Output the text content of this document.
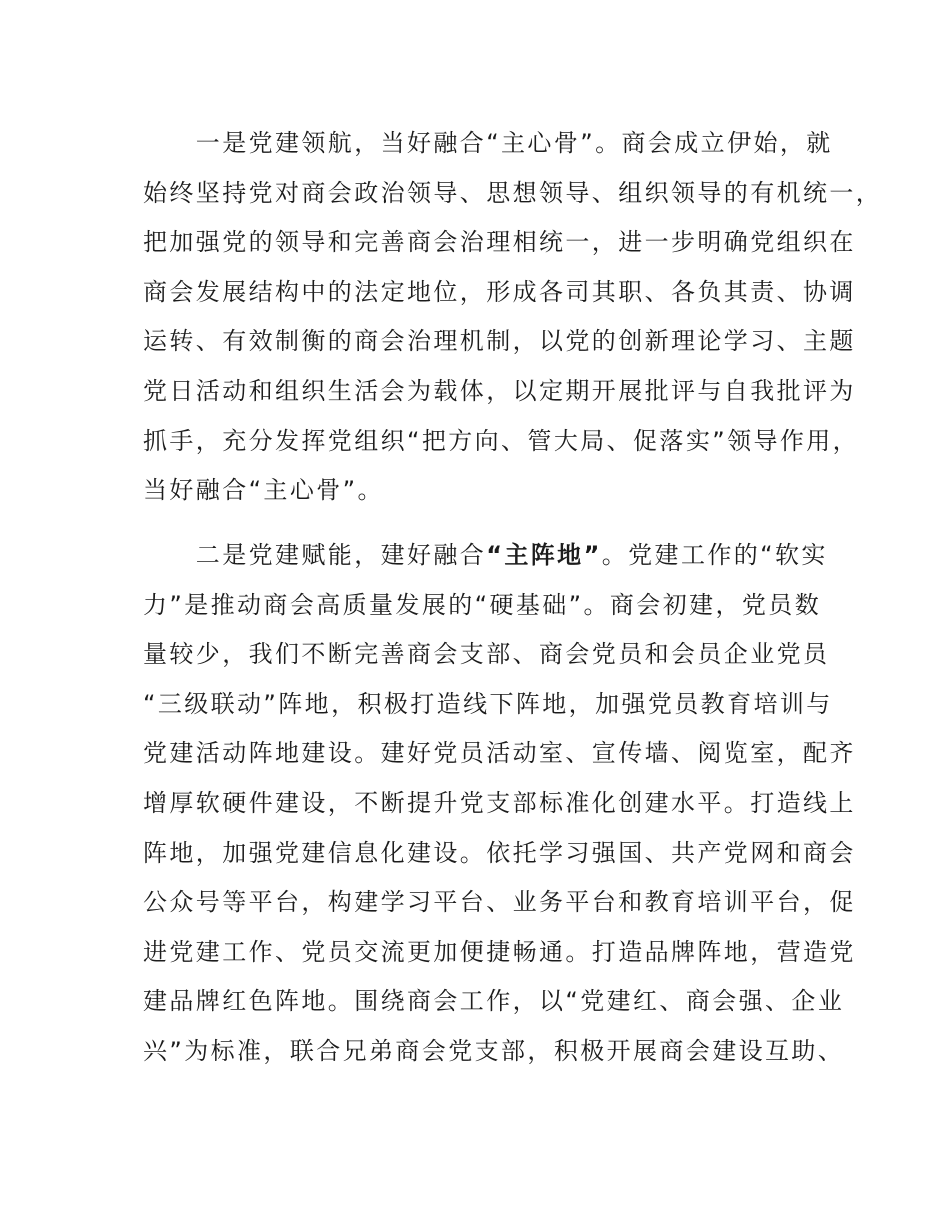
　　一是党建领航，当好融合“主心骨”。商会成立伊始，就
始终坚持党对商会政治领导、思想领导、组织领导的有机统一，
把加强党的领导和完善商会治理相统一，进一步明确党组织在
商会发展结构中的法定地位，形成各司其职、各负其责、协调
运转、有效制衡的商会治理机制，以党的创新理论学习、主题
党日活动和组织生活会为载体，以定期开展批评与自我批评为
抓手，充分发挥党组织“把方向、管大局、促落实”领导作用，
当好融合“主心骨”。
　　二是党建赋能，建好融合“主阵地”。党建工作的“软实
力”是推动商会高质量发展的“硬基础”。商会初建，党员数
量较少，我们不断完善商会支部、商会党员和会员企业党员
“三级联动”阵地，积极打造线下阵地，加强党员教育培训与
党建活动阵地建设。建好党员活动室、宣传墙、阅览室，配齐
增厚软硬件建设，不断提升党支部标准化创建水平。打造线上
阵地，加强党建信息化建设。依托学习强国、共产党网和商会
公众号等平台，构建学习平台、业务平台和教育培训平台，促
进党建工作、党员交流更加便捷畅通。打造品牌阵地，营造党
建品牌红色阵地。围绕商会工作，以“党建红、商会强、企业
兴”为标准，联合兄弟商会党支部，积极开展商会建设互助、
